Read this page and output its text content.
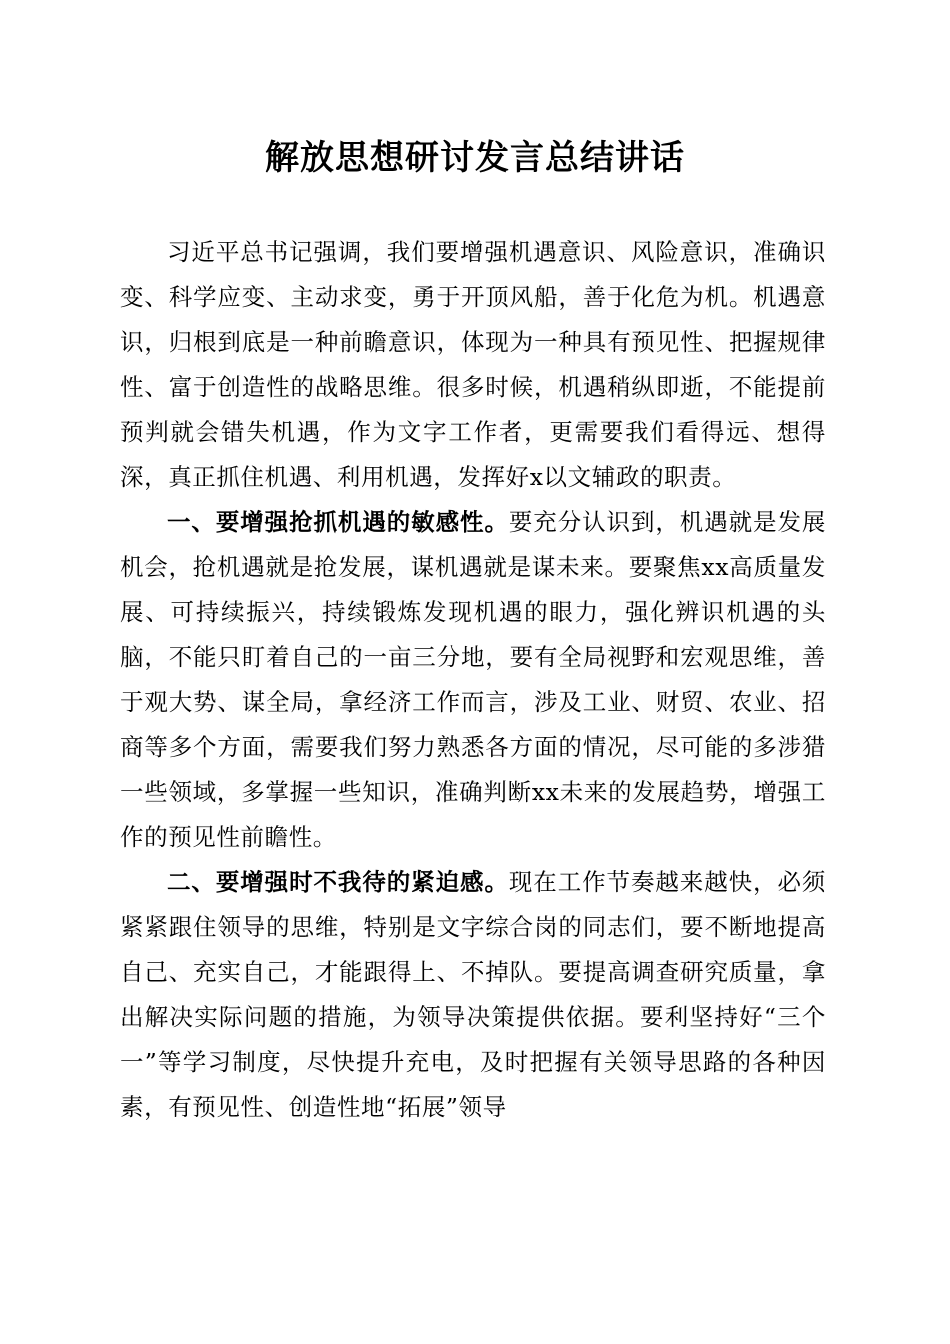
解放思想研讨发言总结讲话

习近平总书记强调，我们要增强机遇意识、风险意识，准确识变、科学应变、主动求变，勇于开顶风船，善于化危为机。机遇意识，归根到底是一种前瞻意识，体现为一种具有预见性、把握规律性、富于创造性的战略思维。很多时候，机遇稍纵即逝，不能提前预判就会错失机遇，作为文字工作者，更需要我们看得远、想得深，真正抓住机遇、利用机遇，发挥好x以文辅政的职责。

一、要增强抢抓机遇的敏感性。要充分认识到，机遇就是发展机会，抢机遇就是抢发展，谋机遇就是谋未来。要聚焦xx高质量发展、可持续振兴，持续锻炼发现机遇的眼力，强化辨识机遇的头脑，不能只盯着自己的一亩三分地，要有全局视野和宏观思维，善于观大势、谋全局，拿经济工作而言，涉及工业、财贸、农业、招商等多个方面，需要我们努力熟悉各方面的情况，尽可能的多涉猎一些领域，多掌握一些知识，准确判断xx未来的发展趋势，增强工作的预见性前瞻性。

二、要增强时不我待的紧迫感。现在工作节奏越来越快，必须紧紧跟住领导的思维，特别是文字综合岗的同志们，要不断地提高自己、充实自己，才能跟得上、不掉队。要提高调查研究质量，拿出解决实际问题的措施，为领导决策提供依据。要利坚持好“三个一”等学习制度，尽快提升充电，及时把握有关领导思路的各种因素，有预见性、创造性地“拓展”领导
